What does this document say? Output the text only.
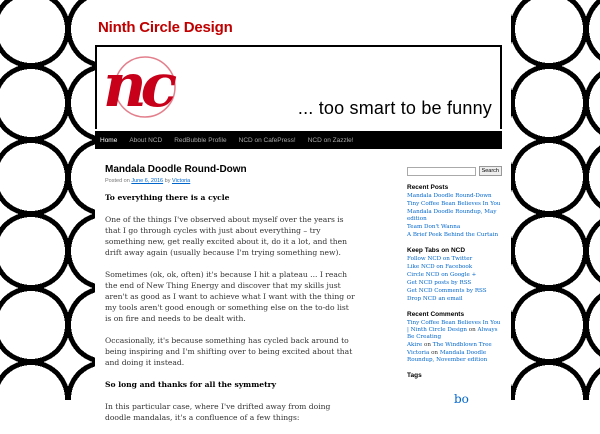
Ninth Circle Design
nc	... too smart to be funny
Home About NCD RedBubble Profile NCD on CafePress! NCD on Zazzle!
Mandala Doodle Round-Down
Posted on June 6, 2016 by Victoria

To everything there is a cycle

One of the things I've observed about myself over the years is that I go through cycles with just about everything – try something new, get really excited about it, do it a lot, and then drift away again (usually because I'm trying something new).

Sometimes (ok, ok, often) it's because I hit a plateau ... I reach the end of New Thing Energy and discover that my skills just aren't as good as I want to achieve what I want with the thing or my tools aren't good enough or something else on the to-do list is on fire and needs to be dealt with.

Occasionally, it's because something has cycled back around to being inspiring and I'm shifting over to being excited about that and doing it instead.

So long and thanks for all the symmetry

In this particular case, where I've drifted away from doing doodle mandalas, it's a confluence of a few things:

Search
Recent Posts
Mandala Doodle Round-Down
Tiny Coffee Bean Believes In You
Mandala Doodle Roundup, May edition
Team Don't Wanna
A Brief Peek Behind the Curtain
Keep Tabs on NCD
Follow NCD on Twitter
Like NCD on Facebook
Circle NCD on Google +
Get NCD posts by RSS
Get NCD Comments by RSS
Drop NCD an email
Recent Comments
Tiny Coffee Bean Believes In You | Ninth Circle Design on Always Be Creating
Akire on The Windblown Tree
Victoria on Mandala Doodle Roundup, November edition
Tags
bo
